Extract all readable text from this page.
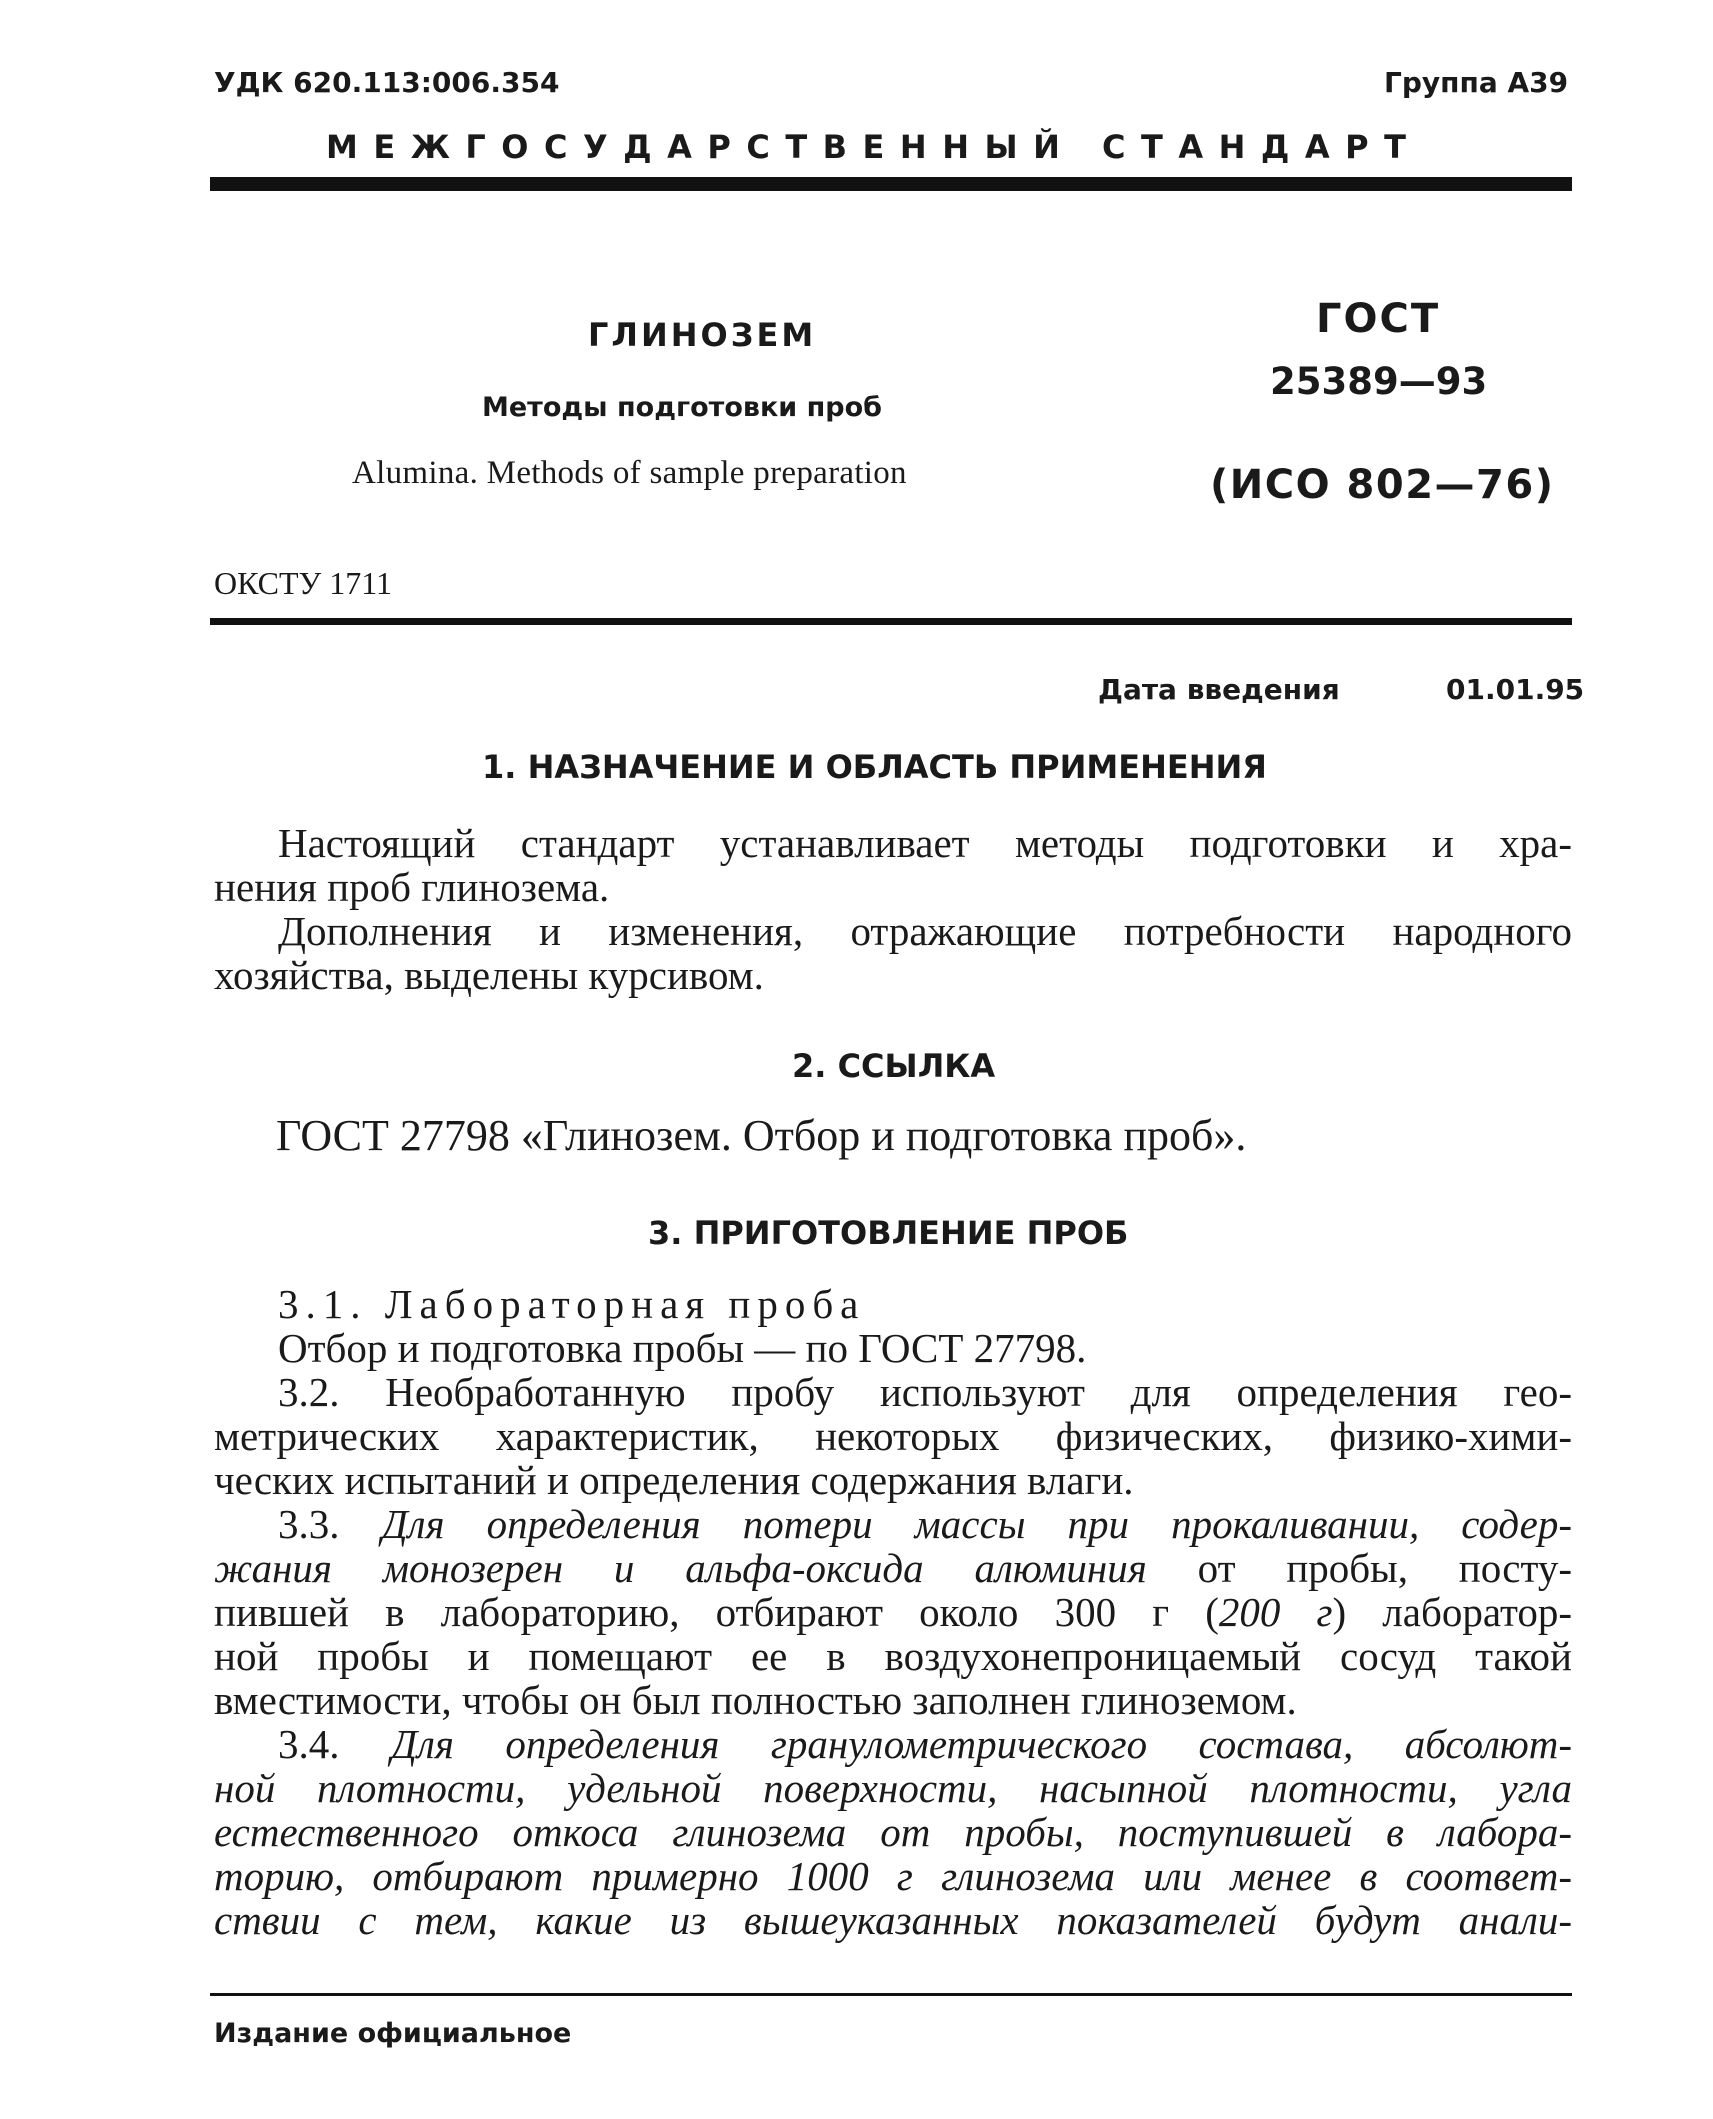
УДК 620.113:006.354	Группа А39
МЕЖГОСУДАРСТВЕННЫЙ СТАНДАРТ
ГЛИНОЗЕМ
Методы подготовки проб
Alumina. Methods of sample preparation
ГОСТ
25389—93
(ИСО 802—76)
ОКСТУ 1711
Дата введения	01.01.95
1. НАЗНАЧЕНИЕ И ОБЛАСТЬ ПРИМЕНЕНИЯ
Настоящий стандарт устанавливает методы подготовки и хра-
нения проб глинозема.
Дополнения и изменения, отражающие потребности народного
хозяйства, выделены курсивом.
2. ССЫЛКА
ГОСТ 27798 «Глинозем. Отбор и подготовка проб».
3. ПРИГОТОВЛЕНИЕ ПРОБ
3.1. Лабораторная проба
Отбор и подготовка пробы — по ГОСТ 27798.
3.2. Необработанную пробу используют для определения гео-
метрических характеристик, некоторых физических, физико-хими-
ческих испытаний и определения содержания влаги.
3.3. Для определения потери массы при прокаливании, содер-
жания монозерен и альфа-оксида алюминия от пробы, посту-
пившей в лабораторию, отбирают около 300 г (200 г) лаборатор-
ной пробы и помещают ее в воздухонепроницаемый сосуд такой
вместимости, чтобы он был полностью заполнен глиноземом.
3.4. Для определения гранулометрического состава, абсолют-
ной плотности, удельной поверхности, насыпной плотности, угла
естественного откоса глинозема от пробы, поступившей в лабора-
торию, отбирают примерно 1000 г глинозема или менее в соответ-
ствии с тем, какие из вышеуказанных показателей будут анали-
Издание официальное
